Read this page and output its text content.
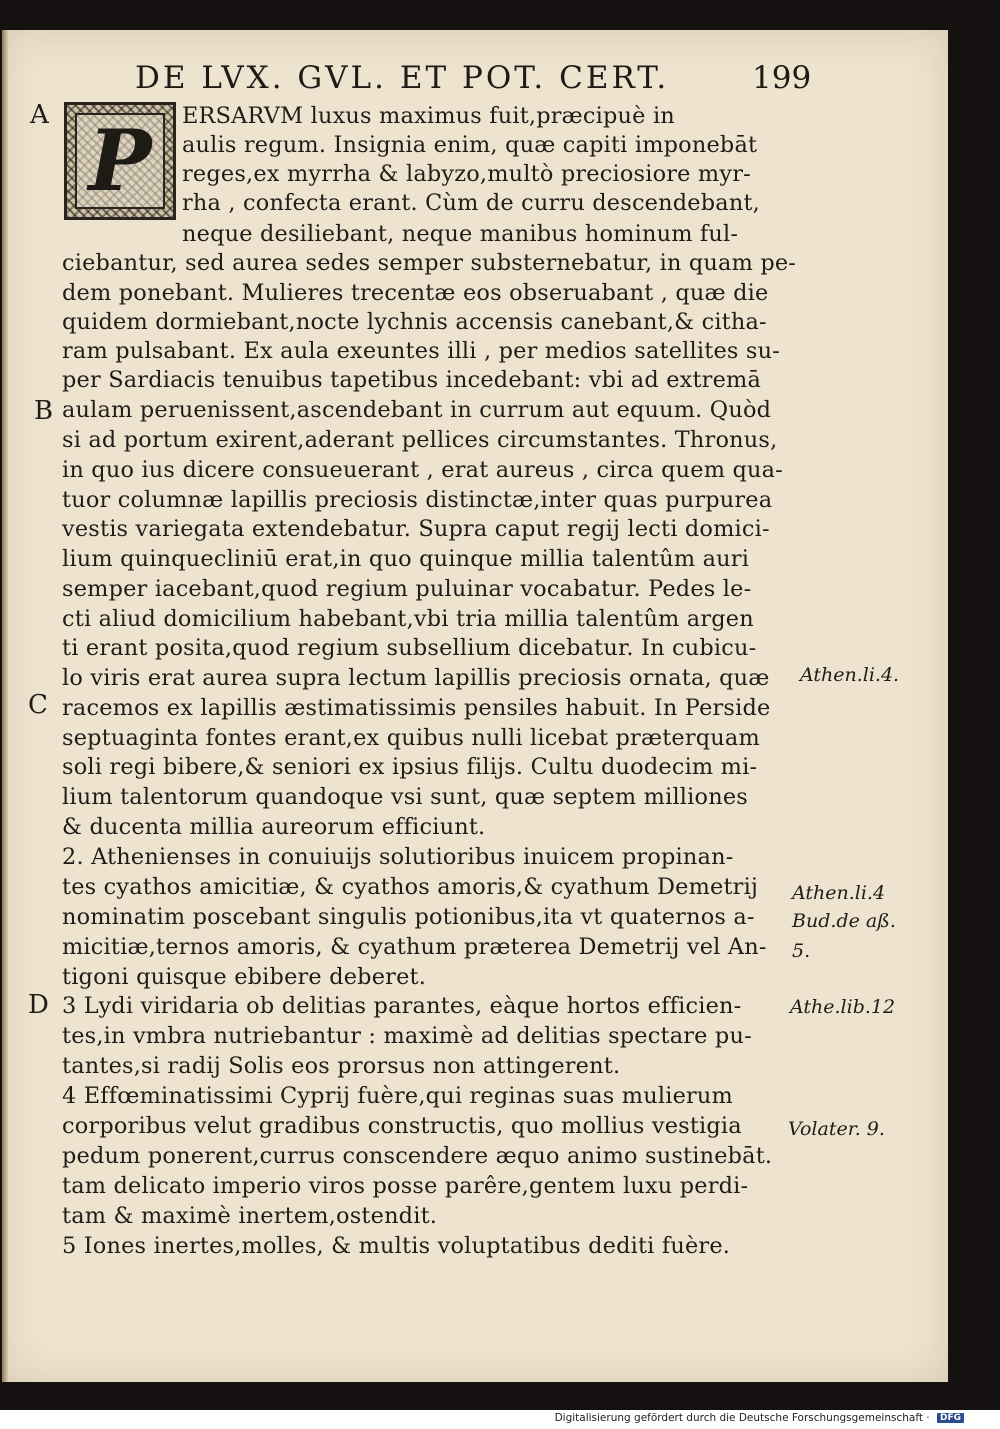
DE LVX. GVL. ET POT. CERT.	199
P
A
B
C
D
ERSARVM luxus maximus fuit,præcipuè in
aulis regum. Insignia enim, quæ capiti imponebāt
reges,ex myrrha & labyzo,multò preciosiore myr-
rha , confecta erant. Cùm de curru descendebant,
neque desiliebant, neque manibus hominum ful-
ciebantur, sed aurea sedes semper substernebatur, in quam pe-
dem ponebant. Mulieres trecentæ eos obseruabant , quæ die
quidem dormiebant,nocte lychnis accensis canebant,& citha-
ram pulsabant. Ex aula exeuntes illi , per medios satellites su-
per Sardiacis tenuibus tapetibus incedebant: vbi ad extremā
aulam peruenissent,ascendebant in currum aut equum. Quòd
si ad portum exirent,aderant pellices circumstantes. Thronus,
in quo ius dicere consueuerant , erat aureus , circa quem qua-
tuor columnæ lapillis preciosis distinctæ,inter quas purpurea
vestis variegata extendebatur. Supra caput regij lecti domici-
lium quinquecliniū erat,in quo quinque millia talentûm auri
semper iacebant,quod regium puluinar vocabatur. Pedes le-
cti aliud domicilium habebant,vbi tria millia talentûm argen
ti erant posita,quod regium subsellium dicebatur. In cubicu-
lo viris erat aurea supra lectum lapillis preciosis ornata, quæ
racemos ex lapillis æstimatissimis pensiles habuit. In Perside
septuaginta fontes erant,ex quibus nulli licebat præterquam
soli regi bibere,& seniori ex ipsius filijs. Cultu duodecim mi-
lium talentorum quandoque vsi sunt, quæ septem milliones
& ducenta millia aureorum efficiunt.
2. Athenienses in conuiuijs solutioribus inuicem propinan-
tes cyathos amicitiæ, & cyathos amoris,& cyathum Demetrij
nominatim poscebant singulis potionibus,ita vt quaternos a-
micitiæ,ternos amoris, & cyathum præterea Demetrij vel An-
tigoni quisque ebibere deberet.
3 Lydi viridaria ob delitias parantes, eàque hortos efficien-
tes,in vmbra nutriebantur : maximè ad delitias spectare pu-
tantes,si radij Solis eos prorsus non attingerent.
4 Effœminatissimi Cyprij fuère,qui reginas suas mulierum
corporibus velut gradibus constructis, quo mollius vestigia
pedum ponerent,currus conscendere æquo animo sustinebāt.
tam delicato imperio viros posse parêre,gentem luxu perdi-
tam & maximè inertem,ostendit.
5 Iones inertes,molles, & multis voluptatibus dediti fuère.
Athen.li.4.
Athen.li.4
Bud.de aß.
5.
Athe.lib.12
Volater. 9.
Digitalisierung gefördert durch die Deutsche Forschungsgemeinschaft · DFG
